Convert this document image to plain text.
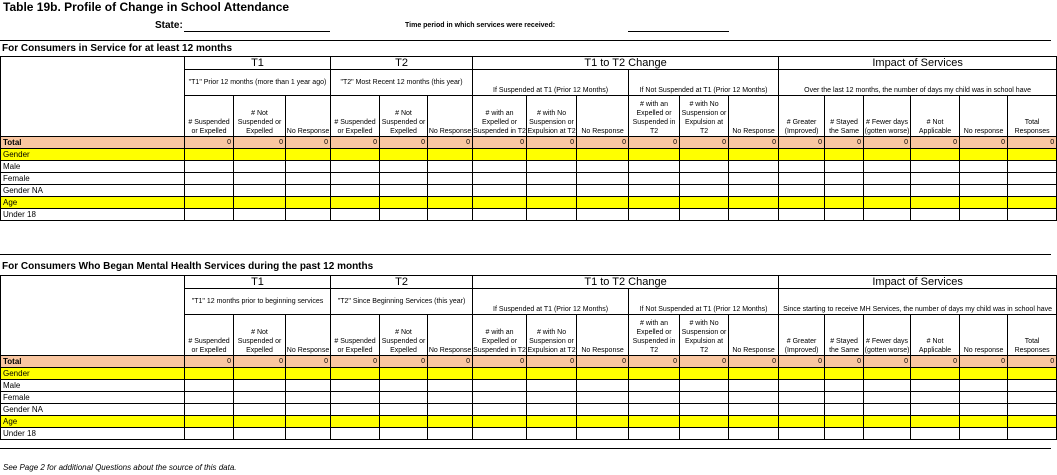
Table 19b. Profile of Change in School Attendance
State:	Time period in which services were received:
For Consumers in Service for at least 12 months
	T1			T2			T1 to T2 Change						Impact of Services					
	"T1" Prior 12 months (more than 1 year ago)			"T2" Most Recent 12 months (this year)			If Suspended at T1 (Prior 12 Months)			If Not Suspended at T1 (Prior 12 Months)			Over the last 12 months, the number of days my child was in school have					
	# Suspended or Expelled	# Not Suspended or Expelled	No Response	# Suspended or Expelled	# Not Suspended or Expelled	No Response	# with an Expelled or Suspended in T2	# with No Suspension or Expulsion at T2	No Response	# with an Expelled or Suspended in T2	# with No Suspension or Expulsion at T2	No Response	# Greater (Improved)	# Stayed the Same	# Fewer days (gotten worse)	# Not Applicable	No response	Total Responses
Total	0	0	0	0	0	0	0	0	0	0	0	0	0	0	0	0	0	0
Gender																		
Male																		
Female																		
Gender NA																		
Age																		
Under 18																		
For Consumers Who Began Mental Health Services during the past 12 months
	T1			T2			T1 to T2 Change						Impact of Services					
	"T1" 12 months prior to beginning services			"T2" Since Beginning Services (this year)			If Suspended at T1 (Prior 12 Months)			If Not Suspended at T1 (Prior 12 Months)			Since starting to receive MH Services, the number of days my child was in school have					
	# Suspended or Expelled	# Not Suspended or Expelled	No Response	# Suspended or Expelled	# Not Suspended or Expelled	No Response	# with an Expelled or Suspended in T2	# with No Suspension or Expulsion at T2	No Response	# with an Expelled or Suspended in T2	# with No Suspension or Expulsion at T2	No Response	# Greater (Improved)	# Stayed the Same	# Fewer days (gotten worse)	# Not Applicable	No response	Total Responses
Total	0	0	0	0	0	0	0	0	0	0	0	0	0	0	0	0	0	0
Gender																		
Male																		
Female																		
Gender NA																		
Age																		
Under 18																		
See Page 2 for additional Questions about the source of this data.
